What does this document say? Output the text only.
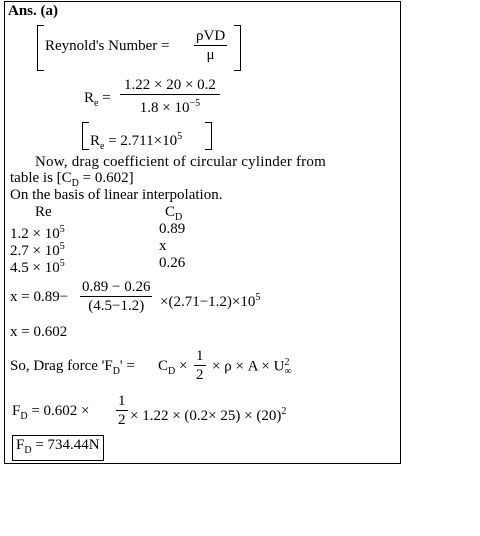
Ans. (a)
Reynold's Number = $\frac{\text{ρVD}}{\mu}$
$R_e = \frac{1.22 \times 20 \times 0.2}{1.8 \times 10^{-5}}$
$R_e = 2.711\times 10^5$
Now, drag coefficient of circular cylinder from
table is $[C_D = 0.602]$
On the basis of linear interpolation.
Re	$C_D$
$1.2 \times 10^5$	0.89
$2.7 \times 10^5$	x
$4.5 \times 10^5$	0.26
$x = 0.89- \frac{0.89 - 0.26}{(4.5-1.2)} \times(2.71-1.2)\times 10^5$
x = 0.602
So, Drag force '$F_D' = C_D \times \frac{1}{2} \times \rho \times A \times U$ 2
∞
$F_D = 0.602 \times \frac{1}{2} \times 1.22 \times (0.2\times 25) \times (20)^2$
$F_D = 734.44N$
